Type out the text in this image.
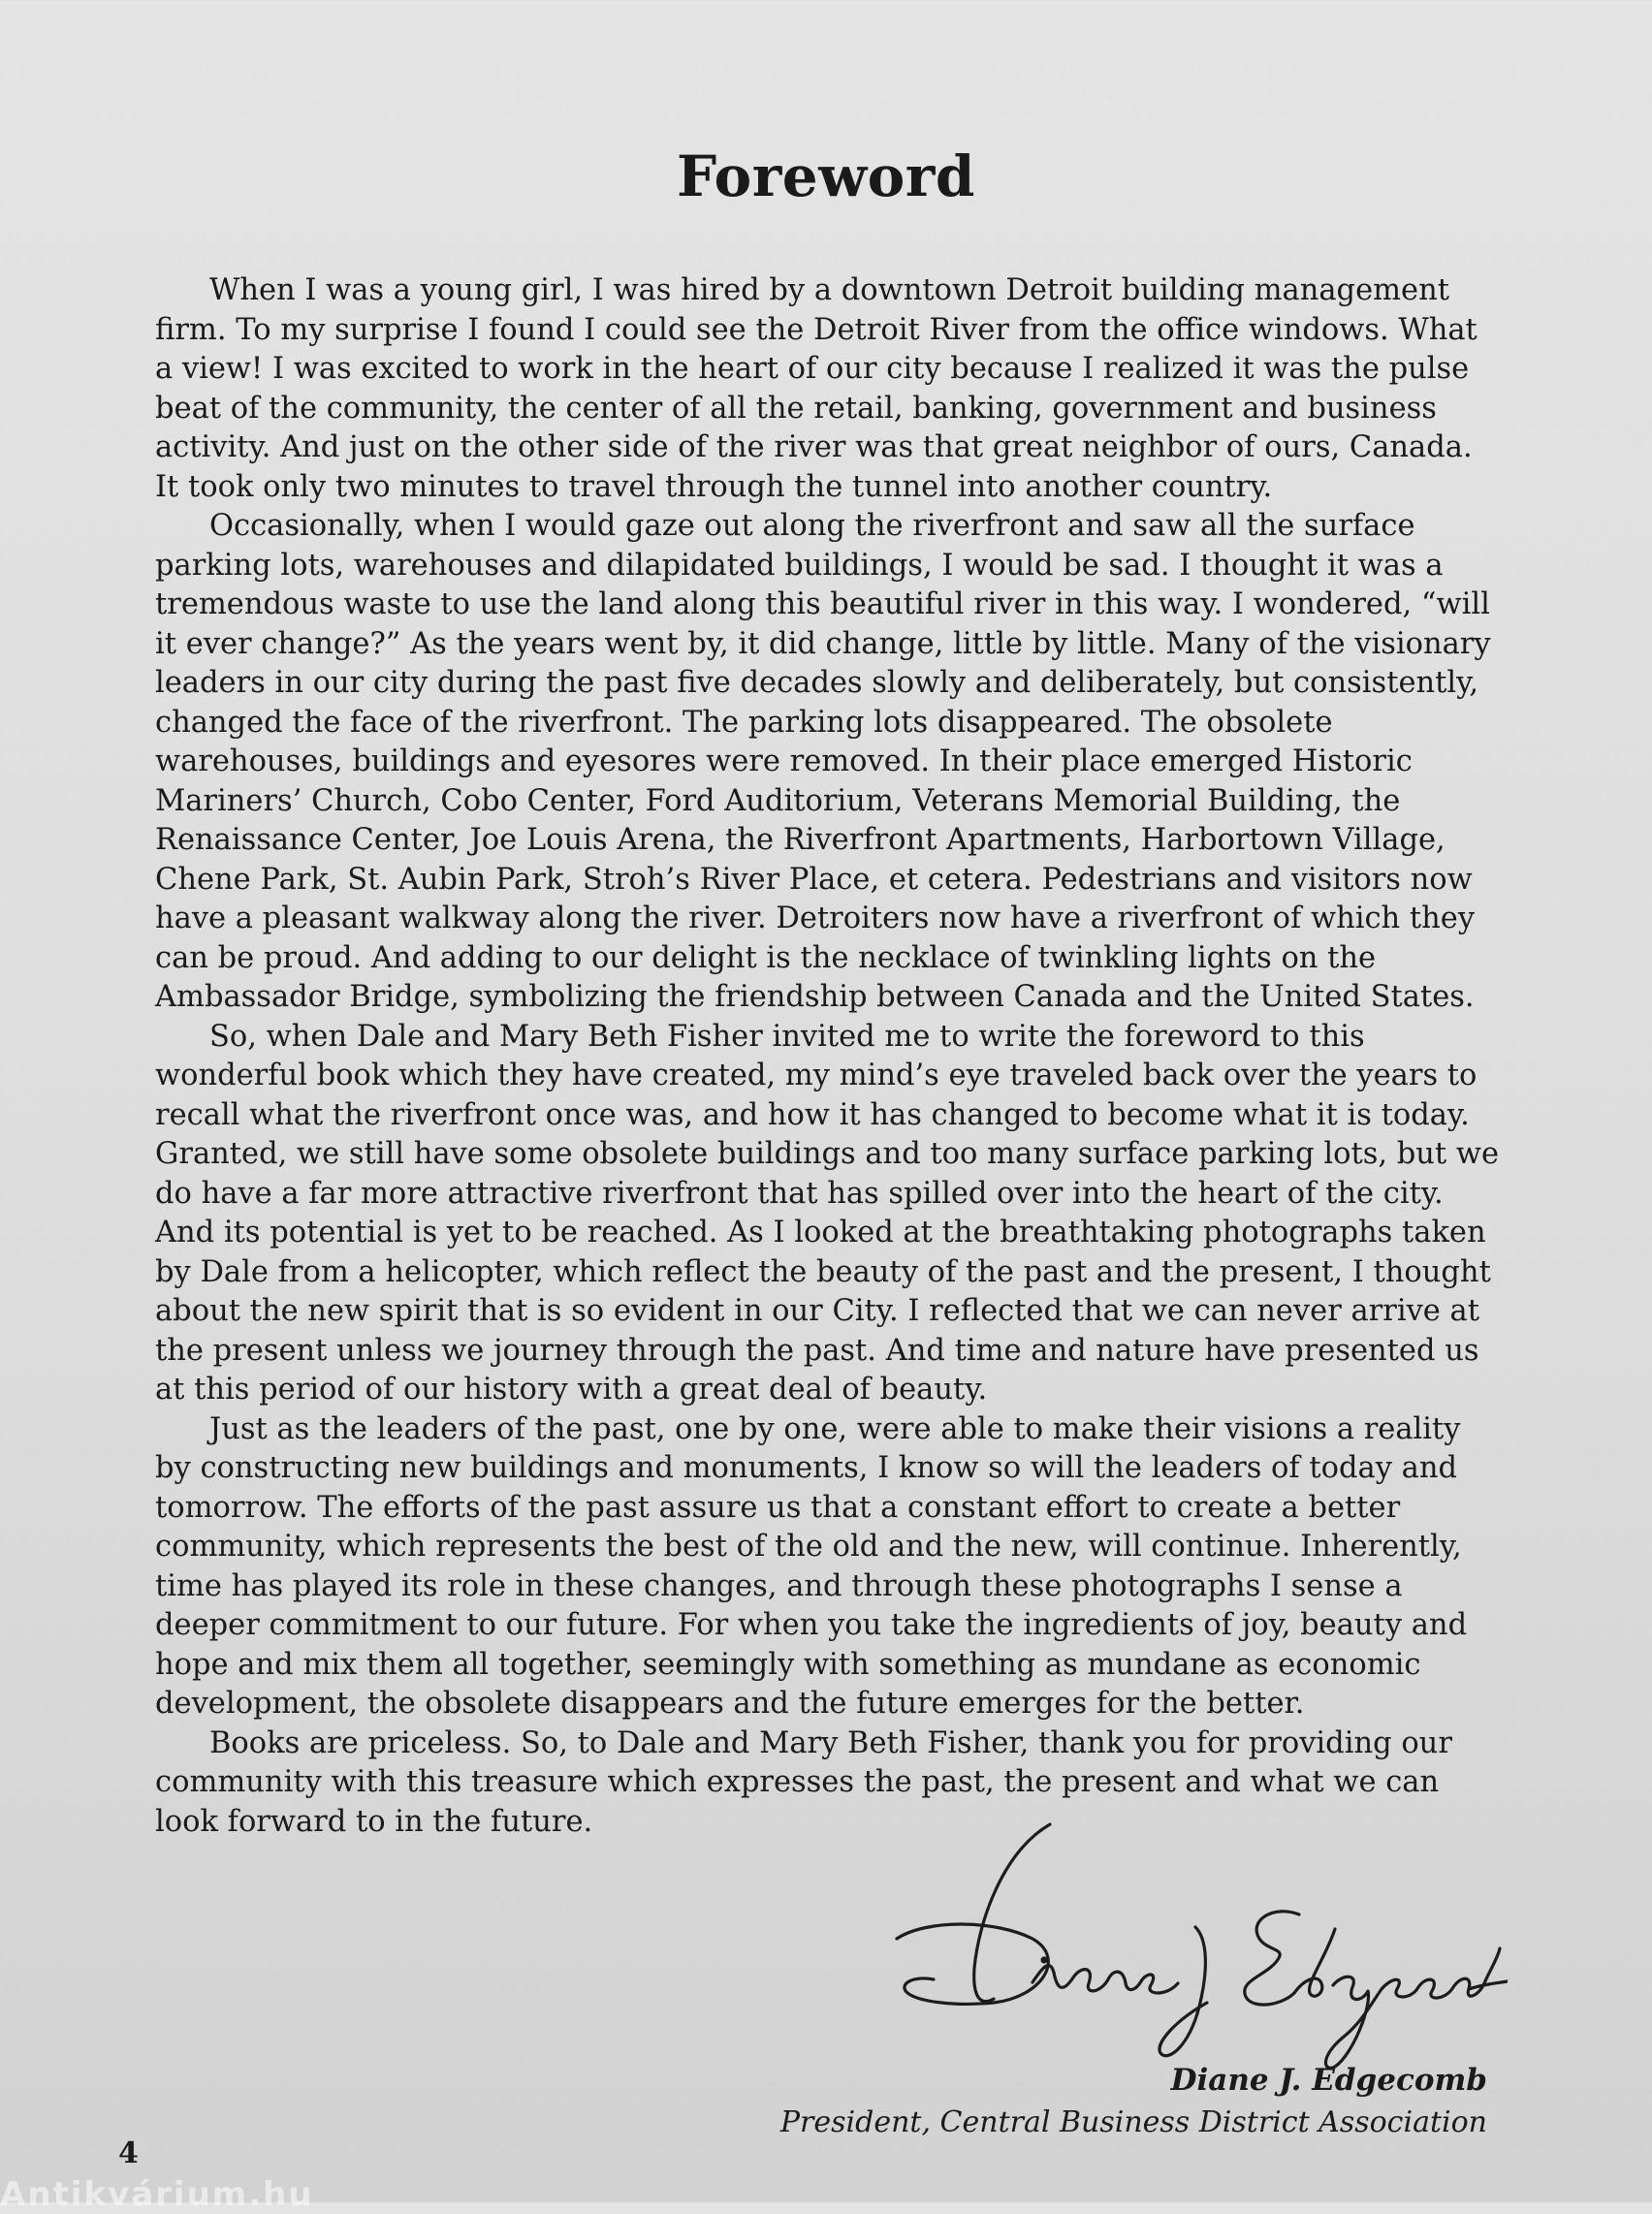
Foreword

When I was a young girl, I was hired by a downtown Detroit building management firm. To my surprise I found I could see the Detroit River from the office windows. What a view! I was excited to work in the heart of our city because I realized it was the pulse beat of the community, the center of all the retail, banking, government and business activity. And just on the other side of the river was that great neighbor of ours, Canada. It took only two minutes to travel through the tunnel into another country.

Occasionally, when I would gaze out along the riverfront and saw all the surface parking lots, warehouses and dilapidated buildings, I would be sad. I thought it was a tremendous waste to use the land along this beautiful river in this way. I wondered, “will it ever change?” As the years went by, it did change, little by little. Many of the visionary leaders in our city during the past five decades slowly and deliberately, but consistently, changed the face of the riverfront. The parking lots disappeared. The obsolete warehouses, buildings and eyesores were removed. In their place emerged Historic Mariners’ Church, Cobo Center, Ford Auditorium, Veterans Memorial Building, the Renaissance Center, Joe Louis Arena, the Riverfront Apartments, Harbortown Village, Chene Park, St. Aubin Park, Stroh’s River Place, et cetera. Pedestrians and visitors now have a pleasant walkway along the river. Detroiters now have a riverfront of which they can be proud. And adding to our delight is the necklace of twinkling lights on the Ambassador Bridge, symbolizing the friendship between Canada and the United States.

So, when Dale and Mary Beth Fisher invited me to write the foreword to this wonderful book which they have created, my mind’s eye traveled back over the years to recall what the riverfront once was, and how it has changed to become what it is today. Granted, we still have some obsolete buildings and too many surface parking lots, but we do have a far more attractive riverfront that has spilled over into the heart of the city. And its potential is yet to be reached. As I looked at the breathtaking photographs taken by Dale from a helicopter, which reflect the beauty of the past and the present, I thought about the new spirit that is so evident in our City. I reflected that we can never arrive at the present unless we journey through the past. And time and nature have presented us at this period of our history with a great deal of beauty.

Just as the leaders of the past, one by one, were able to make their visions a reality by constructing new buildings and monuments, I know so will the leaders of today and tomorrow. The efforts of the past assure us that a constant effort to create a better community, which represents the best of the old and the new, will continue. Inherently, time has played its role in these changes, and through these photographs I sense a deeper commitment to our future. For when you take the ingredients of joy, beauty and hope and mix them all together, seemingly with something as mundane as economic development, the obsolete disappears and the future emerges for the better.

Books are priceless. So, to Dale and Mary Beth Fisher, thank you for providing our community with this treasure which expresses the past, the present and what we can look forward to in the future.

Diane J. Edgecomb
President, Central Business District Association
4
Antikvárium.hu
